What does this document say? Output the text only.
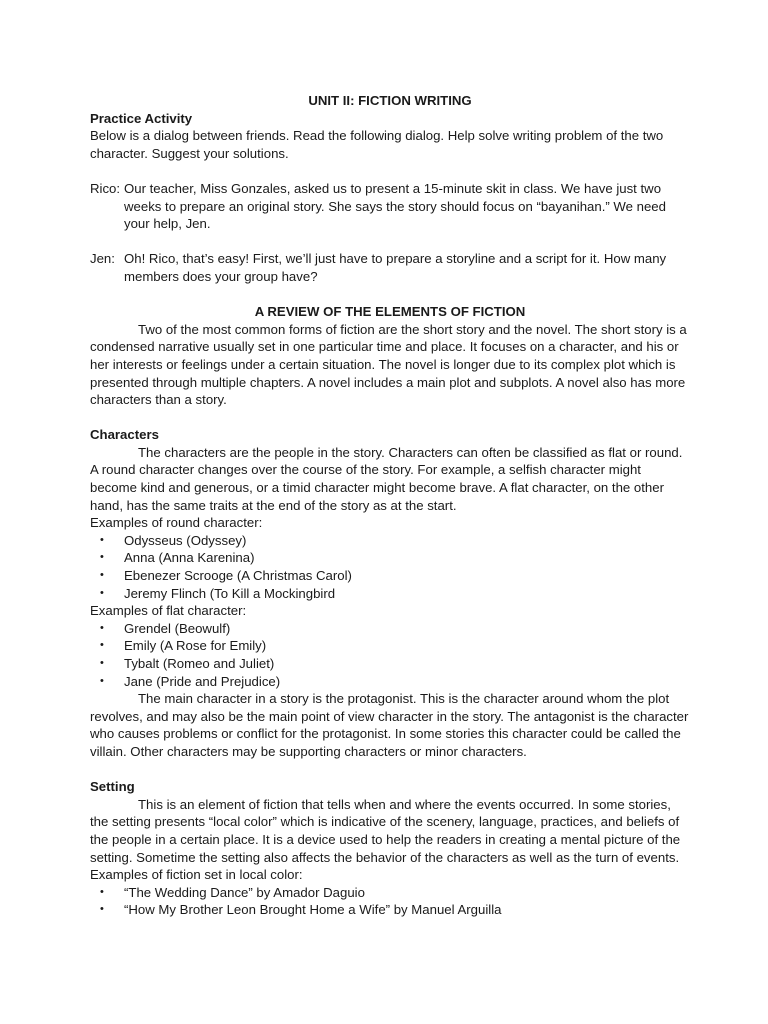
UNIT II: FICTION WRITING

Practice Activity

Below is a dialog between friends. Read the following dialog. Help solve writing problem of the two character. Suggest your solutions.

Rico: Our teacher, Miss Gonzales, asked us to present a 15-minute skit in class. We have just two weeks to prepare an original story. She says the story should focus on “bayanihan.” We need your help, Jen.
Jen: Oh! Rico, that’s easy! First, we’ll just have to prepare a storyline and a script for it. How many members does your group have?

A REVIEW OF THE ELEMENTS OF FICTION

Two of the most common forms of fiction are the short story and the novel. The short story is a condensed narrative usually set in one particular time and place. It focuses on a character, and his or her interests or feelings under a certain situation. The novel is longer due to its complex plot which is presented through multiple chapters. A novel includes a main plot and subplots. A novel also has more characters than a story.

Characters

The characters are the people in the story. Characters can often be classified as flat or round. A round character changes over the course of the story. For example, a selfish character might become kind and generous, or a timid character might become brave. A flat character, on the other hand, has the same traits at the end of the story as at the start.

Examples of round character:

•	Odysseus (Odyssey)
•	Anna (Anna Karenina)
•	Ebenezer Scrooge (A Christmas Carol)
•	Jeremy Flinch (To Kill a Mockingbird

Examples of flat character:

•	Grendel (Beowulf)
•	Emily (A Rose for Emily)
•	Tybalt (Romeo and Juliet)
•	Jane (Pride and Prejudice)

The main character in a story is the protagonist. This is the character around whom the plot revolves, and may also be the main point of view character in the story. The antagonist is the character who causes problems or conflict for the protagonist. In some stories this character could be called the villain. Other characters may be supporting characters or minor characters.

Setting

This is an element of fiction that tells when and where the events occurred. In some stories, the setting presents “local color” which is indicative of the scenery, language, practices, and beliefs of the people in a certain place. It is a device used to help the readers in creating a mental picture of the setting. Sometime the setting also affects the behavior of the characters as well as the turn of events.

Examples of fiction set in local color:

•	“The Wedding Dance” by Amador Daguio
•	“How My Brother Leon Brought Home a Wife” by Manuel Arguilla
